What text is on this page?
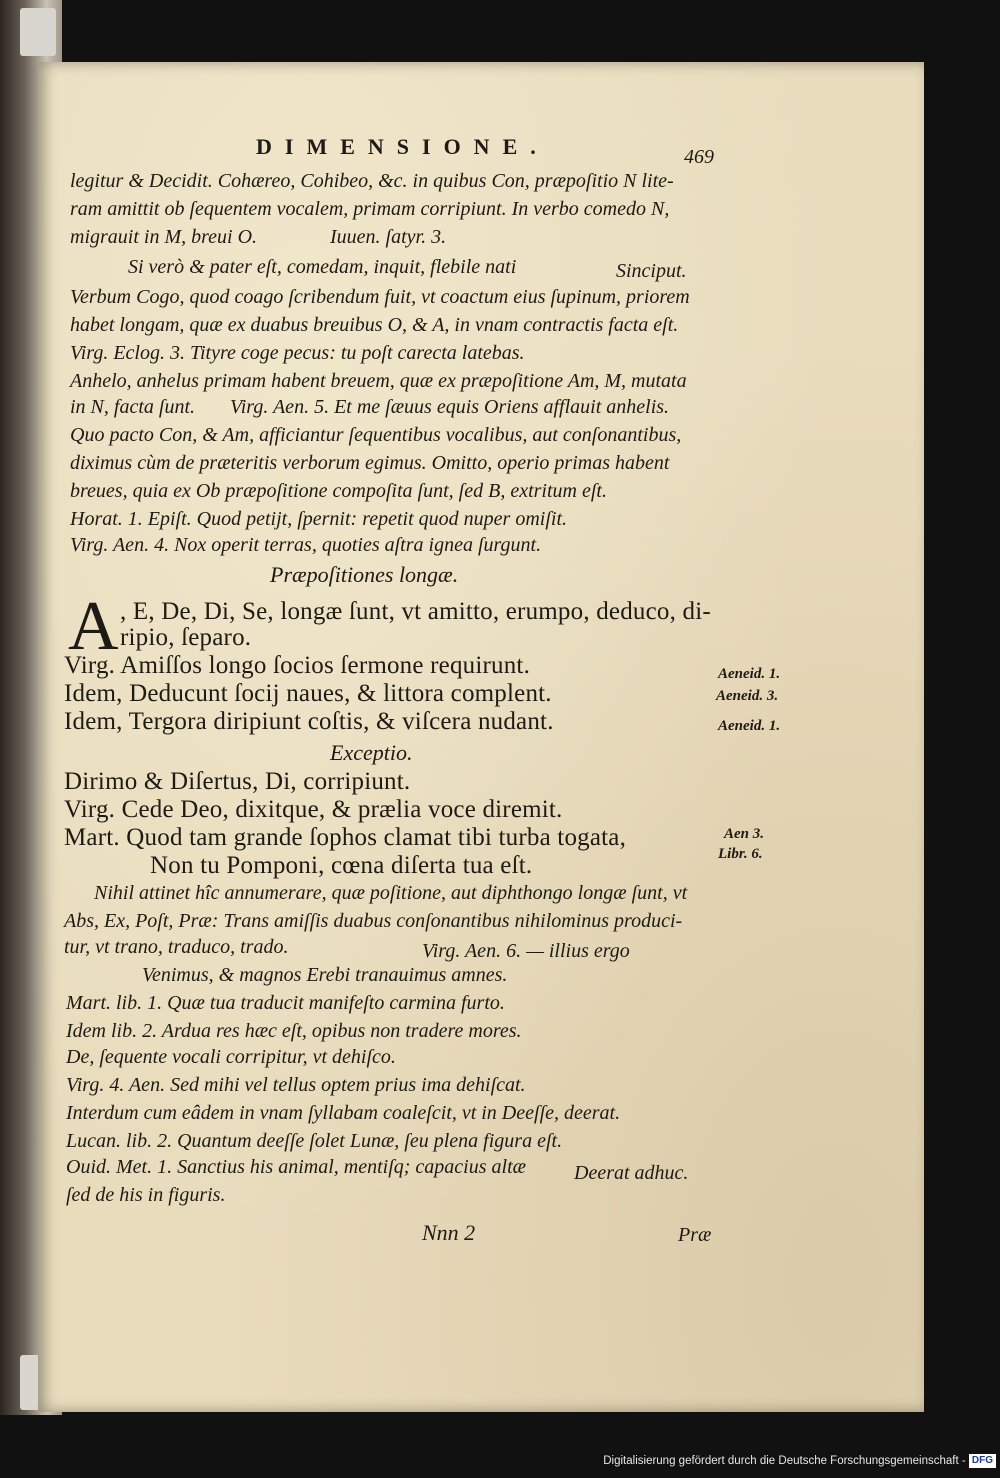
DIMENSIONE.	469
legitur & Decidit. Cohæreo, Cohibeo, &c. in quibus Con, præpoſitio N lite-
ram amittit ob ſequentem vocalem, primam corripiunt. In verbo comedo N,
migrauit in M, breui O.	Iuuen. ſatyr. 3.
Si verò & pater eſt, comedam, inquit, flebile nati	Sinciput.
Verbum Cogo, quod coago ſcribendum fuit, vt coactum eius ſupinum, priorem
habet longam, quæ ex duabus breuibus O, & A, in vnam contractis facta eſt.
Virg. Eclog. 3. Tityre coge pecus: tu poſt carecta latebas.
Anhelo, anhelus primam habent breuem, quæ ex præpoſitione Am, M, mutata
in N, facta ſunt. Virg. Aen. 5. Et me ſæuus equis Oriens afflauit anhelis.
Quo pacto Con, & Am, afficiantur ſequentibus vocalibus, aut conſonantibus,
diximus cùm de præteritis verborum egimus. Omitto, operio primas habent
breues, quia ex Ob præpoſitione compoſita ſunt, ſed B, extritum eſt.
Horat. 1. Epiſt. Quod petijt, ſpernit: repetit quod nuper omiſit.
Virg. Aen. 4. Nox operit terras, quoties aſtra ignea ſurgunt.
Præpoſitiones longæ.
A , E, De, Di, Se, longæ ſunt, vt amitto, erumpo, deduco, di-
ripio, ſeparo.
Virg. Amiſſos longo ſocios ſermone requirunt.
Idem, Deducunt ſocij naues, & littora complent.
Idem, Tergora diripiunt coſtis, & viſcera nudant.
Aeneid. 1.
Aeneid. 3.
Aeneid. 1.
Exceptio.
Dirimo & Diſertus, Di, corripiunt.
Virg. Cede Deo, dixitque, & prælia voce diremit.
Mart. Quod tam grande ſophos clamat tibi turba togata,
Non tu Pomponi, cœna diſerta tua eſt.
Aen 3.
Libr. 6.
Nihil attinet hîc annumerare, quæ poſitione, aut diphthongo longæ ſunt, vt
Abs, Ex, Poſt, Præ: Trans amiſſis duabus conſonantibus nihilominus produci-
tur, vt trano, traduco, trado.	Virg. Aen. 6. — illius ergo
Venimus, & magnos Erebi tranauimus amnes.
Mart. lib. 1. Quæ tua traducit manifeſto carmina furto.
Idem lib. 2. Ardua res hæc eſt, opibus non tradere mores.
De, ſequente vocali corripitur, vt dehiſco.
Virg. 4. Aen. Sed mihi vel tellus optem prius ima dehiſcat.
Interdum cum eâdem in vnam ſyllabam coaleſcit, vt in Deeſſe, deerat.
Lucan. lib. 2. Quantum deeſſe ſolet Lunæ, ſeu plena figura eſt.
Ouid. Met. 1. Sanctius his animal, mentiſq; capacius altæ Deerat adhuc.
ſed de his in figuris.
Nnn 2	Præ
Digitalisierung gefördert durch die Deutsche Forschungsgemeinschaft - DFG
